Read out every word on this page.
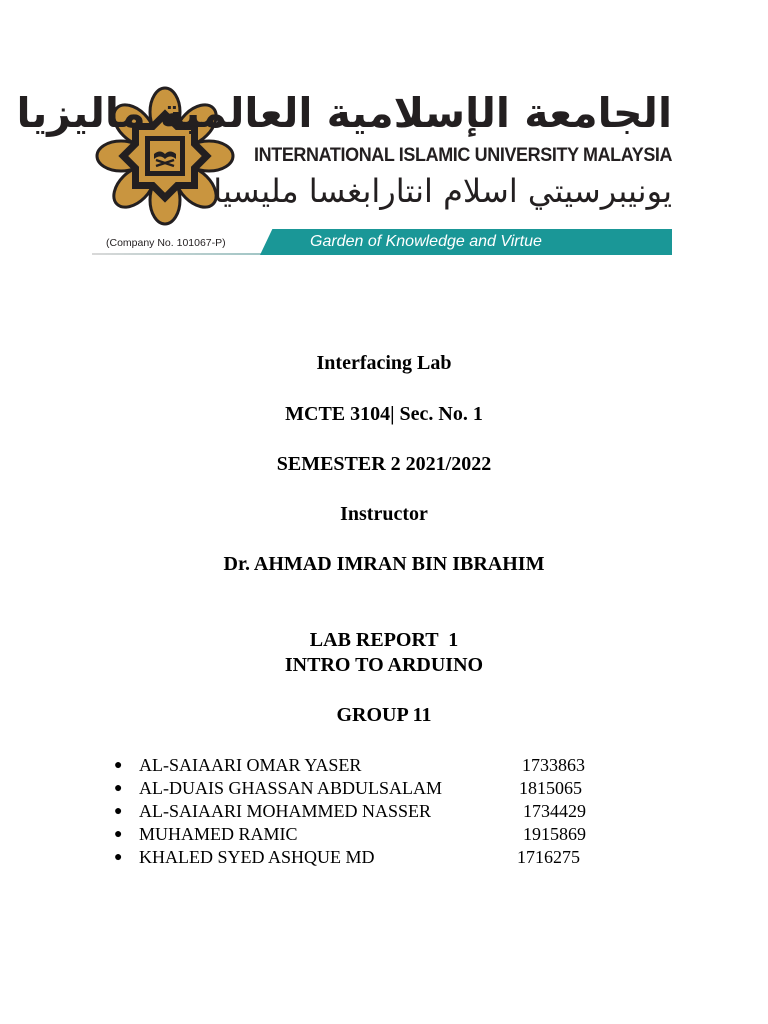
الجامعة الإسلامية العالمية ماليزيا
INTERNATIONAL ISLAMIC UNIVERSITY MALAYSIA
يونيبرسيتي اسلام انتارابغسا مليسيا
(Company No. 101067-P)	Garden of Knowledge and Virtue
Interfacing Lab
MCTE 3104| Sec. No. 1
SEMESTER 2 2021/2022
Instructor
Dr. AHMAD IMRAN BIN IBRAHIM
LAB REPORT  1
INTRO TO ARDUINO
GROUP 11
● AL-SAIAARI OMAR YASER	1733863
● AL-DUAIS GHASSAN ABDULSALAM	1815065
● AL-SAIAARI MOHAMMED NASSER	1734429
● MUHAMED RAMIC	1915869
● KHALED SYED ASHQUE MD	1716275
